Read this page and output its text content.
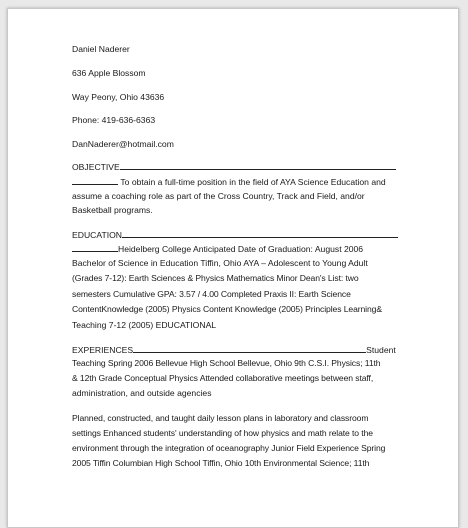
Daniel Naderer
636 Apple Blossom
Way Peony, Ohio 43636
Phone: 419-636-6363
DanNaderer@hotmail.com
OBJECTIVE
To obtain a full-time position in the field of AYA Science Education and
assume a coaching role as part of the Cross Country, Track and Field, and/or
Basketball programs.
EDUCATION
Heidelberg College Anticipated Date of Graduation: August 2006
Bachelor of Science in Education Tiffin, Ohio AYA – Adolescent to Young Adult
(Grades 7-12): Earth Sciences & Physics Mathematics Minor Dean's List: two
semesters Cumulative GPA: 3.57 / 4.00 Completed Praxis II: Earth Science
ContentKnowledge (2005) Physics Content Knowledge (2005) Principles Learning&
Teaching 7-12 (2005) EDUCATIONAL
EXPERIENCES	Student
Teaching Spring 2006 Bellevue High School Bellevue, Ohio 9th C.S.I. Physics; 11th
& 12th Grade Conceptual Physics Attended collaborative meetings between staff,
administration, and outside agencies
Planned, constructed, and taught daily lesson plans in laboratory and classroom
settings Enhanced students' understanding of how physics and math relate to the
environment through the integration of oceanography Junior Field Experience Spring
2005 Tiffin Columbian High School Tiffin, Ohio 10th Environmental Science; 11th
